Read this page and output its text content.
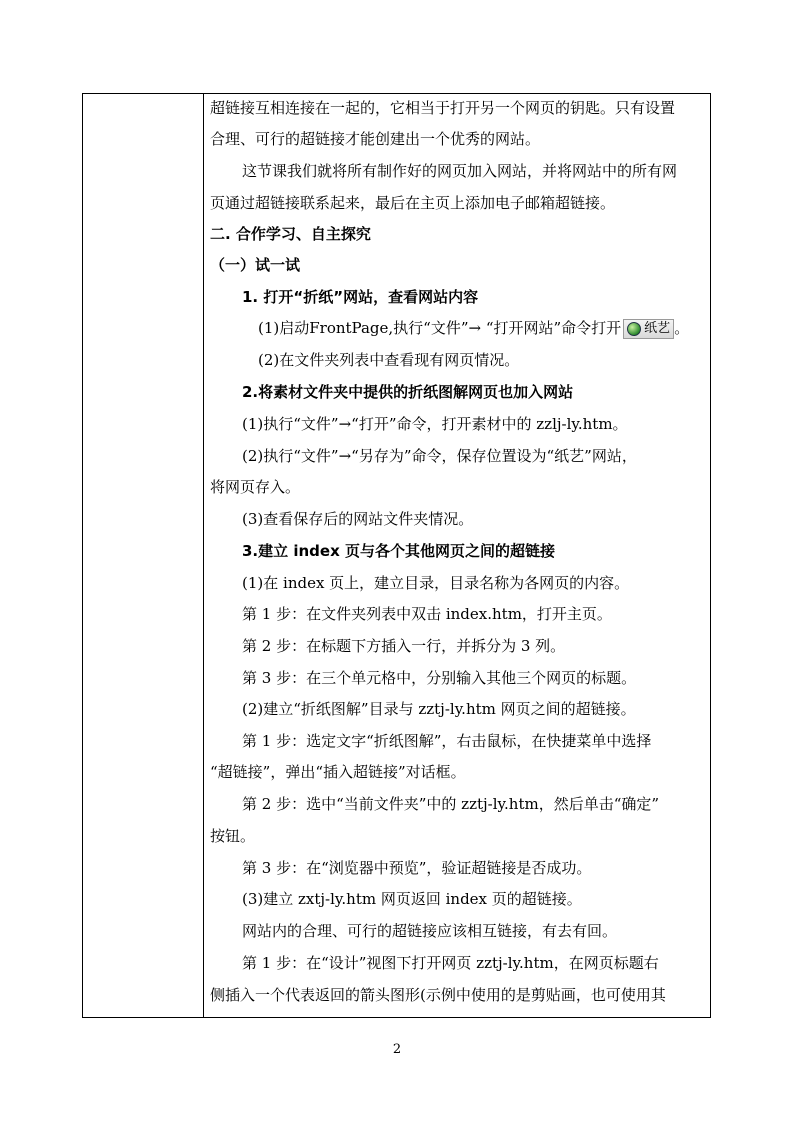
超链接互相连接在一起的，它相当于打开另一个网页的钥匙。只有设置
合理、可行的超链接才能创建出一个优秀的网站。
这节课我们就将所有制作好的网页加入网站，并将网站中的所有网
页通过超链接联系起来，最后在主页上添加电子邮箱超链接。
二. 合作学习、自主探究
（一）试一试
1. 打开“折纸”网站，查看网站内容
(1)启动FrontPage,执行“文件”→ “打开网站”命令打开 纸艺 。
(2)在文件夹列表中查看现有网页情况。
2.将素材文件夹中提供的折纸图解网页也加入网站
(1)执行“文件”→“打开”命令，打开素材中的 zzlj-ly.htm。
(2)执行“文件”→“另存为”命令，保存位置设为“纸艺”网站，
将网页存入。
(3)查看保存后的网站文件夹情况。
3.建立 index 页与各个其他网页之间的超链接
(1)在 index 页上，建立目录，目录名称为各网页的内容。
第 1 步：在文件夹列表中双击 index.htm，打开主页。
第 2 步：在标题下方插入一行，并拆分为 3 列。
第 3 步：在三个单元格中，分别输入其他三个网页的标题。
(2)建立“折纸图解”目录与 zztj-ly.htm 网页之间的超链接。
第 1 步：选定文字“折纸图解”，右击鼠标，在快捷菜单中选择
“超链接”，弹出“插入超链接”对话框。
第 2 步：选中“当前文件夹”中的 zztj-ly.htm，然后单击“确定”
按钮。
第 3 步：在“浏览器中预览”，验证超链接是否成功。
(3)建立 zxtj-ly.htm 网页返回 index 页的超链接。
网站内的合理、可行的超链接应该相互链接，有去有回。
第 1 步：在“设计”视图下打开网页 zztj-ly.htm，在网页标题右
侧插入一个代表返回的箭头图形(示例中使用的是剪贴画，也可使用其
2
